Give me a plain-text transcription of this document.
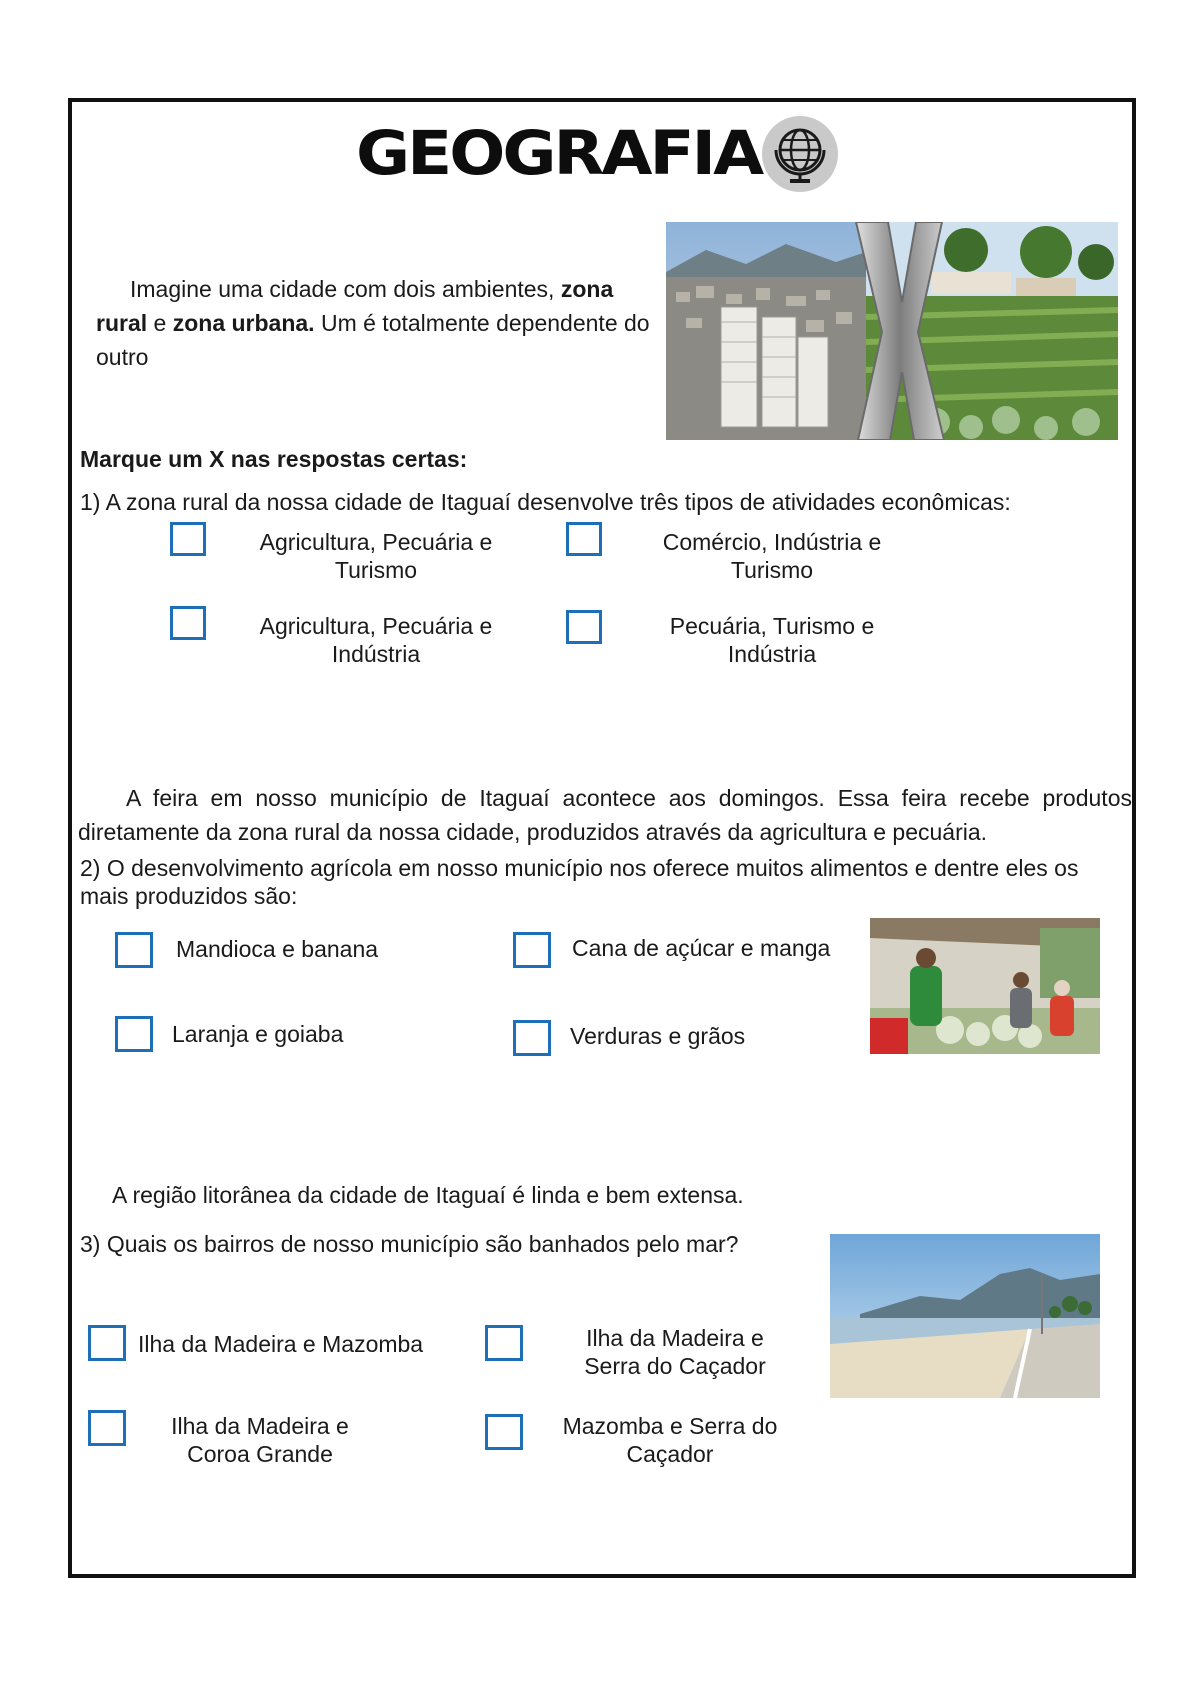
GEOGRAFIA
Imagine uma cidade com dois ambientes, zona rural e zona urbana. Um é totalmente dependente do outro
Marque um X nas respostas certas:
1) A zona rural da nossa cidade de Itaguaí desenvolve três tipos de atividades econômicas:
Agricultura, Pecuária e
Turismo
Comércio, Indústria e
Turismo
Agricultura, Pecuária e
Indústria
Pecuária, Turismo e
Indústria
A feira em nosso município de Itaguaí acontece aos domingos. Essa feira recebe produtos diretamente da zona rural da nossa cidade, produzidos através da agricultura e pecuária.
2) O desenvolvimento agrícola em nosso município nos oferece muitos alimentos e dentre eles os mais produzidos são:
Mandioca e banana	Cana de açúcar e manga
Laranja e goiaba	Verduras e grãos
A região litorânea da cidade de Itaguaí é linda e bem extensa.
3) Quais os bairros de nosso município são banhados pelo mar?
Ilha da Madeira e Mazomba	Ilha da Madeira e
Serra do Caçador
Ilha da Madeira e
Coroa Grande
Mazomba e Serra do
Caçador
